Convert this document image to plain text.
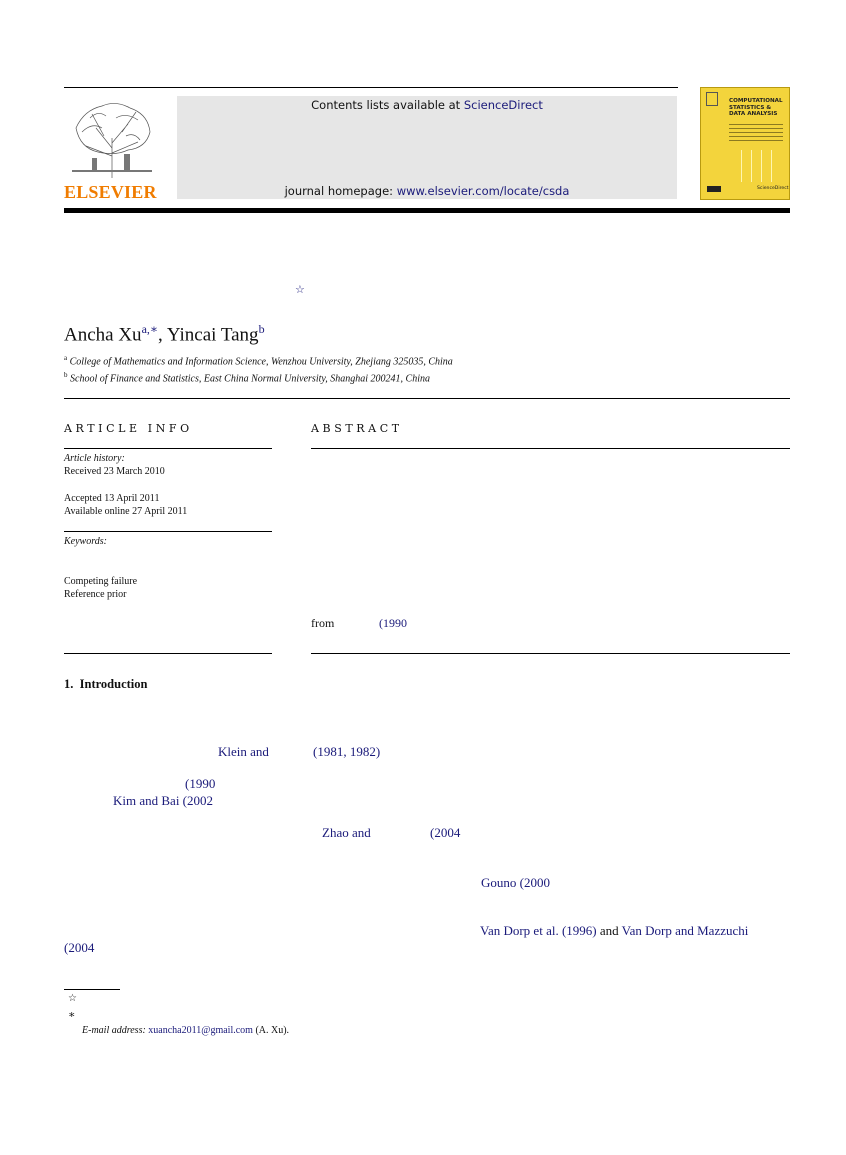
ELSEVIER
Contents lists available at ScienceDirect
journal homepage: www.elsevier.com/locate/csda
COMPUTATIONAL STATISTICS & DATA ANALYSIS
ScienceDirect
☆
Ancha $Xu^{a,∗}$, Yincai Tang$^b$
$^a$ College of Mathematics and Information Science, Wenzhou University, Zhejiang 325035, China
$^b$ School of Finance and Statistics, East China Normal University, Shanghai 200241, China
ARTICLE INFO
Article history:
Received 23 March 2010
Accepted 13 April 2011
Available online 27 April 2011
Keywords:
Competing failure
Reference prior
ABSTRACT
from	(1990
1.  Introduction
Klein and	(1981, 1982)
(1990
Kim and Bai (2002
Zhao and	(2004
Gouno (2000
Van Dorp et al. (1996) and Van Dorp and Mazzuchi
(2004
☆
∗
E-mail address: xuancha2011@gmail.com (A. Xu).
